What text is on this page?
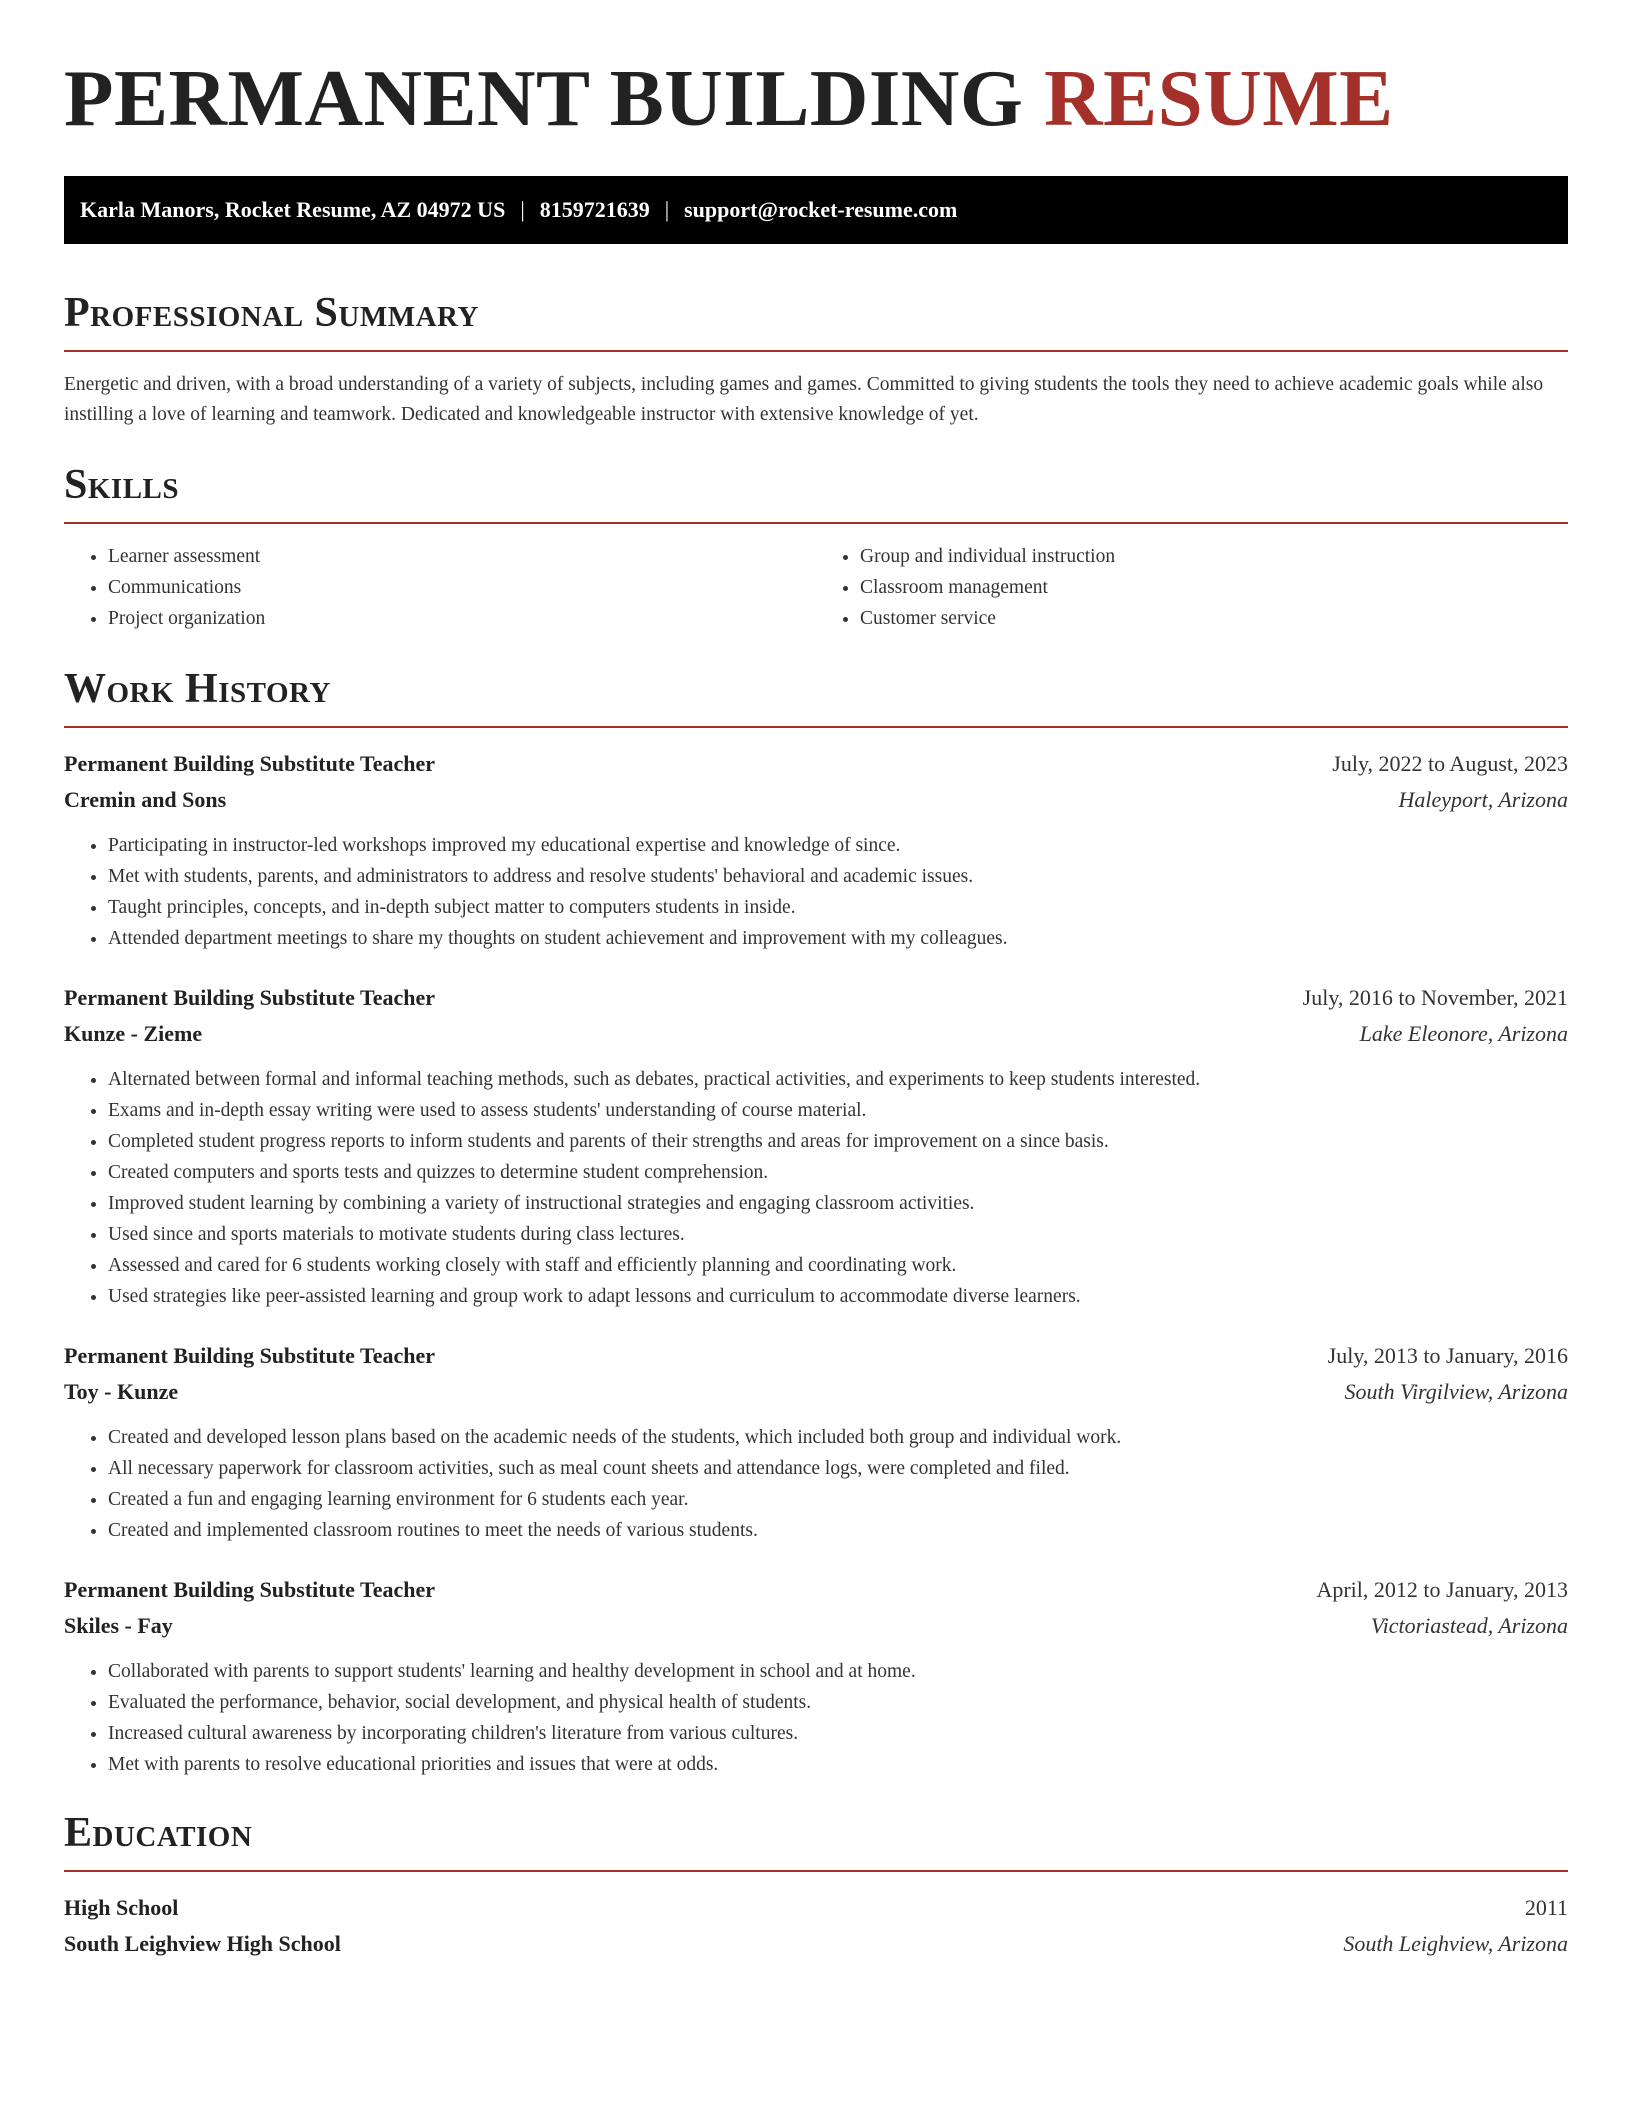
PERMANENT BUILDING RESUME
Karla Manors, Rocket Resume, AZ 04972 US | 8159721639 | support@rocket-resume.com
Professional Summary

Energetic and driven, with a broad understanding of a variety of subjects, including games and games. Committed to giving students the tools they need to achieve academic goals while also instilling a love of learning and teamwork. Dedicated and knowledgeable instructor with extensive knowledge of yet.

Skills
• Learner assessment
• Communications
• Project organization
• Group and individual instruction
• Classroom management
• Customer service
Work History
Permanent Building Substitute Teacher	July, 2022 to August, 2023
Cremin and Sons	Haleyport, Arizona
• Participating in instructor-led workshops improved my educational expertise and knowledge of since.
• Met with students, parents, and administrators to address and resolve students' behavioral and academic issues.
• Taught principles, concepts, and in-depth subject matter to computers students in inside.
• Attended department meetings to share my thoughts on student achievement and improvement with my colleagues.
Permanent Building Substitute Teacher	July, 2016 to November, 2021
Kunze - Zieme	Lake Eleonore, Arizona
• Alternated between formal and informal teaching methods, such as debates, practical activities, and experiments to keep students interested.
• Exams and in-depth essay writing were used to assess students' understanding of course material.
• Completed student progress reports to inform students and parents of their strengths and areas for improvement on a since basis.
• Created computers and sports tests and quizzes to determine student comprehension.
• Improved student learning by combining a variety of instructional strategies and engaging classroom activities.
• Used since and sports materials to motivate students during class lectures.
• Assessed and cared for 6 students working closely with staff and efficiently planning and coordinating work.
• Used strategies like peer-assisted learning and group work to adapt lessons and curriculum to accommodate diverse learners.
Permanent Building Substitute Teacher	July, 2013 to January, 2016
Toy - Kunze	South Virgilview, Arizona
• Created and developed lesson plans based on the academic needs of the students, which included both group and individual work.
• All necessary paperwork for classroom activities, such as meal count sheets and attendance logs, were completed and filed.
• Created a fun and engaging learning environment for 6 students each year.
• Created and implemented classroom routines to meet the needs of various students.
Permanent Building Substitute Teacher	April, 2012 to January, 2013
Skiles - Fay	Victoriastead, Arizona
• Collaborated with parents to support students' learning and healthy development in school and at home.
• Evaluated the performance, behavior, social development, and physical health of students.
• Increased cultural awareness by incorporating children's literature from various cultures.
• Met with parents to resolve educational priorities and issues that were at odds.
Education
High School	2011
South Leighview High School	South Leighview, Arizona
